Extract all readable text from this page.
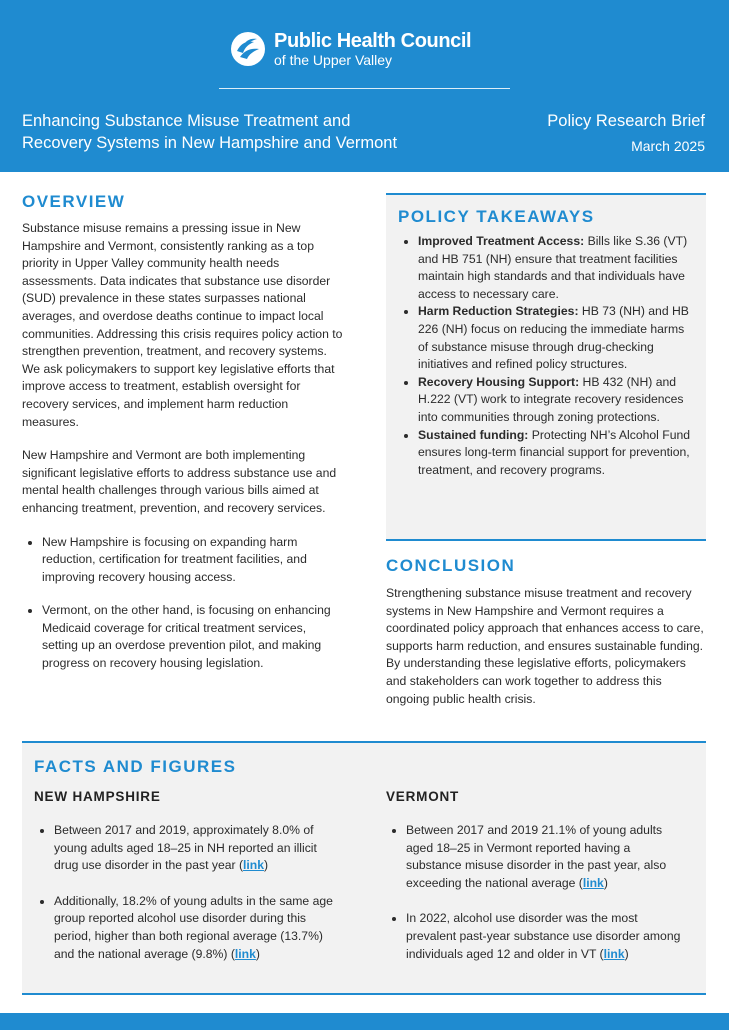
Public Health Council
of the Upper Valley
Enhancing Substance Misuse Treatment and
Recovery Systems in New Hampshire and Vermont
Policy Research Brief
March 2025
OVERVIEW

Substance misuse remains a pressing issue in New Hampshire and Vermont, consistently ranking as a top priority in Upper Valley community health needs assessments. Data indicates that substance use disorder (SUD) prevalence in these states surpasses national averages, and overdose deaths continue to impact local communities. Addressing this crisis requires policy action to strengthen prevention, treatment, and recovery systems. We ask policymakers to support key legislative efforts that improve access to treatment, establish oversight for recovery services, and implement harm reduction measures.

New Hampshire and Vermont are both implementing significant legislative efforts to address substance use and mental health challenges through various bills aimed at enhancing treatment, prevention, and recovery services.

• New Hampshire is focusing on expanding harm reduction, certification for treatment facilities, and improving recovery housing access.
• Vermont, on the other hand, is focusing on enhancing Medicaid coverage for critical treatment services, setting up an overdose prevention pilot, and making progress on recovery housing legislation.
POLICY TAKEAWAYS
• Improved Treatment Access: Bills like S.36 (VT) and HB 751 (NH) ensure that treatment facilities maintain high standards and that individuals have access to necessary care.
• Harm Reduction Strategies: HB 73 (NH) and HB 226 (NH) focus on reducing the immediate harms of substance misuse through drug-checking initiatives and refined policy structures.
• Recovery Housing Support: HB 432 (NH) and H.222 (VT) work to integrate recovery residences into communities through zoning protections.
• Sustained funding: Protecting NH’s Alcohol Fund ensures long-term financial support for prevention, treatment, and recovery programs.
CONCLUSION

Strengthening substance misuse treatment and recovery systems in New Hampshire and Vermont requires a coordinated policy approach that enhances access to care, supports harm reduction, and ensures sustainable funding. By understanding these legislative efforts, policymakers and stakeholders can work together to address this ongoing public health crisis.

FACTS AND FIGURES
NEW HAMPSHIRE
• Between 2017 and 2019, approximately 8.0% of young adults aged 18–25 in NH reported an illicit drug use disorder in the past year (link)
• Additionally, 18.2% of young adults in the same age group reported alcohol use disorder during this period, higher than both regional average (13.7%) and the national average (9.8%) (link)
VERMONT
• Between 2017 and 2019 21.1% of young adults aged 18–25 in Vermont reported having a substance misuse disorder in the past year, also exceeding the national average (link)
• In 2022, alcohol use disorder was the most prevalent past-year substance use disorder among individuals aged 12 and older in VT (link)
